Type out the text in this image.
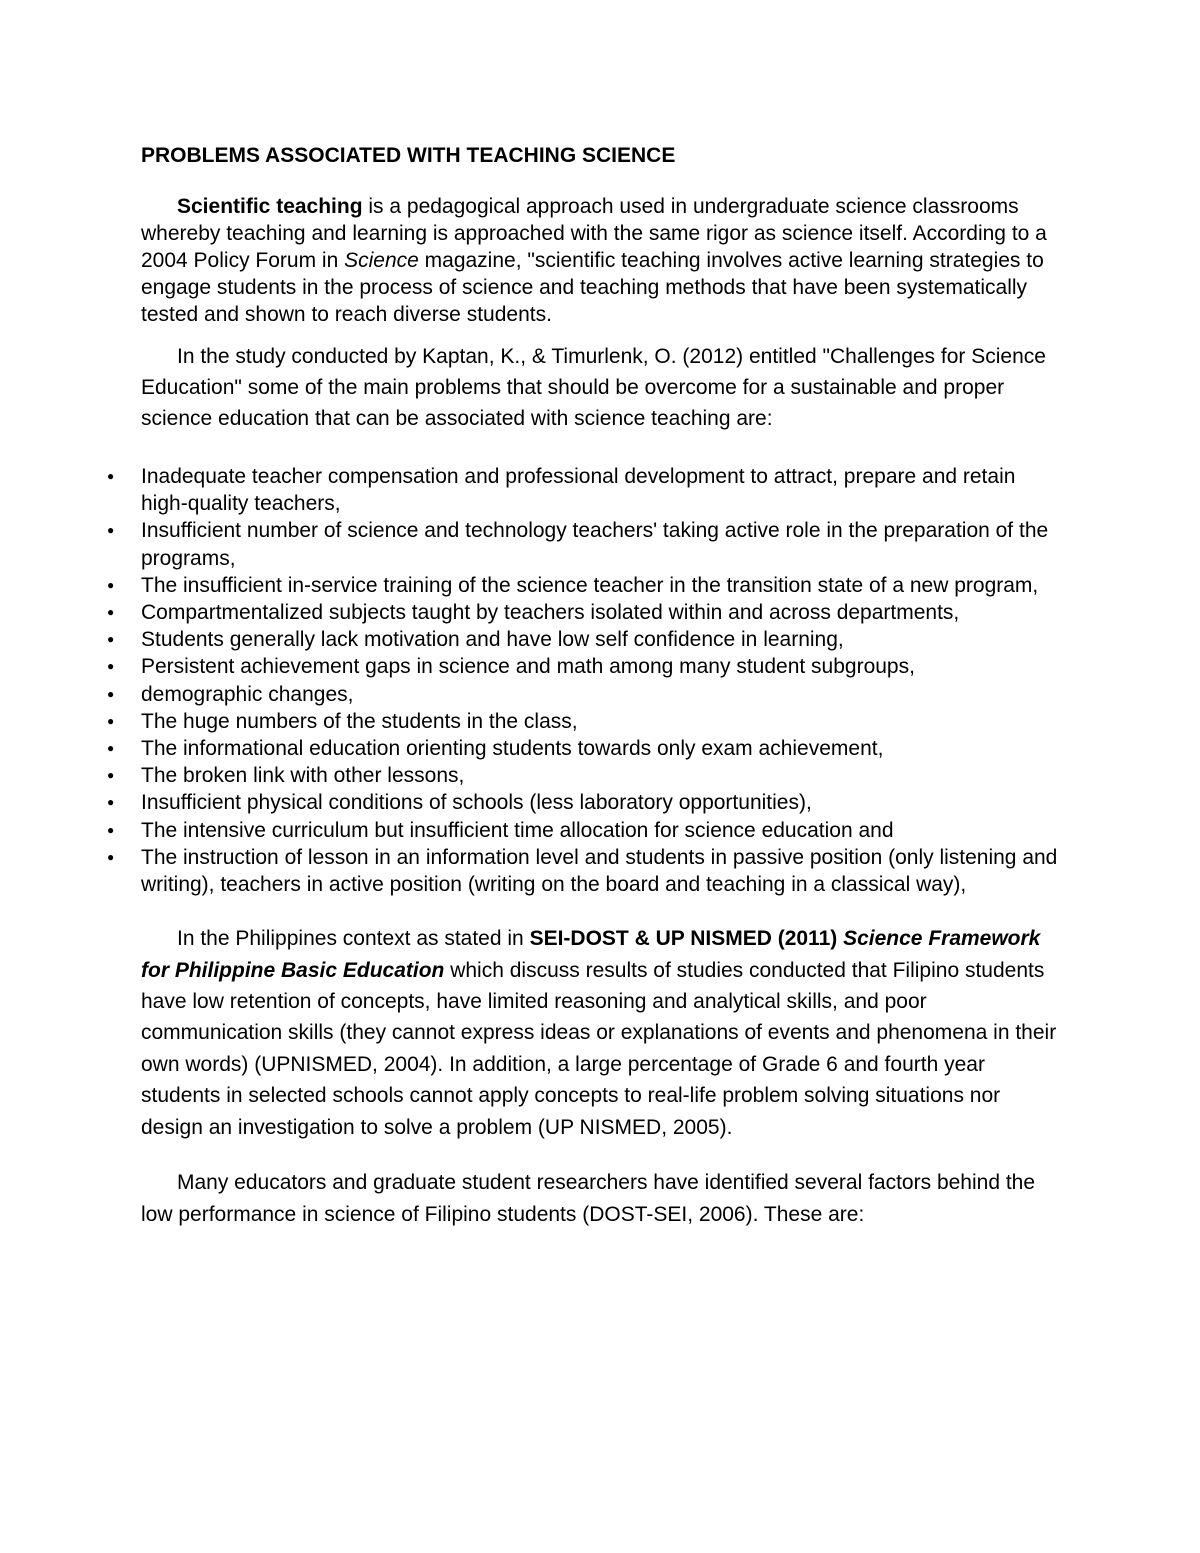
PROBLEMS ASSOCIATED WITH TEACHING SCIENCE

Scientific teaching is a pedagogical approach used in undergraduate science classrooms whereby teaching and learning is approached with the same rigor as science itself. According to a 2004 Policy Forum in Science magazine, "scientific teaching involves active learning strategies to engage students in the process of science and teaching methods that have been systematically tested and shown to reach diverse students.

In the study conducted by Kaptan, K., & Timurlenk, O. (2012) entitled "Challenges for Science Education" some of the main problems that should be overcome for a sustainable and proper science education that can be associated with science teaching are:

● Inadequate teacher compensation and professional development to attract, prepare and retain high-quality teachers,
● Insufficient number of science and technology teachers' taking active role in the preparation of the programs,
● The insufficient in-service training of the science teacher in the transition state of a new program,
● Compartmentalized subjects taught by teachers isolated within and across departments,
● Students generally lack motivation and have low self confidence in learning,
● Persistent achievement gaps in science and math among many student subgroups,
● demographic changes,
● The huge numbers of the students in the class,
● The informational education orienting students towards only exam achievement,
● The broken link with other lessons,
● Insufficient physical conditions of schools (less laboratory opportunities),
● The intensive curriculum but insufficient time allocation for science education and
● The instruction of lesson in an information level and students in passive position (only listening and writing), teachers in active position (writing on the board and teaching in a classical way),

In the Philippines context as stated in SEI-DOST & UP NISMED (2011) Science Framework for Philippine Basic Education which discuss results of studies conducted that Filipino students have low retention of concepts, have limited reasoning and analytical skills, and poor communication skills (they cannot express ideas or explanations of events and phenomena in their own words) (UPNISMED, 2004). In addition, a large percentage of Grade 6 and fourth year students in selected schools cannot apply concepts to real-life problem solving situations nor design an investigation to solve a problem (UP NISMED, 2005).

Many educators and graduate student researchers have identified several factors behind the low performance in science of Filipino students (DOST-SEI, 2006). These are:
